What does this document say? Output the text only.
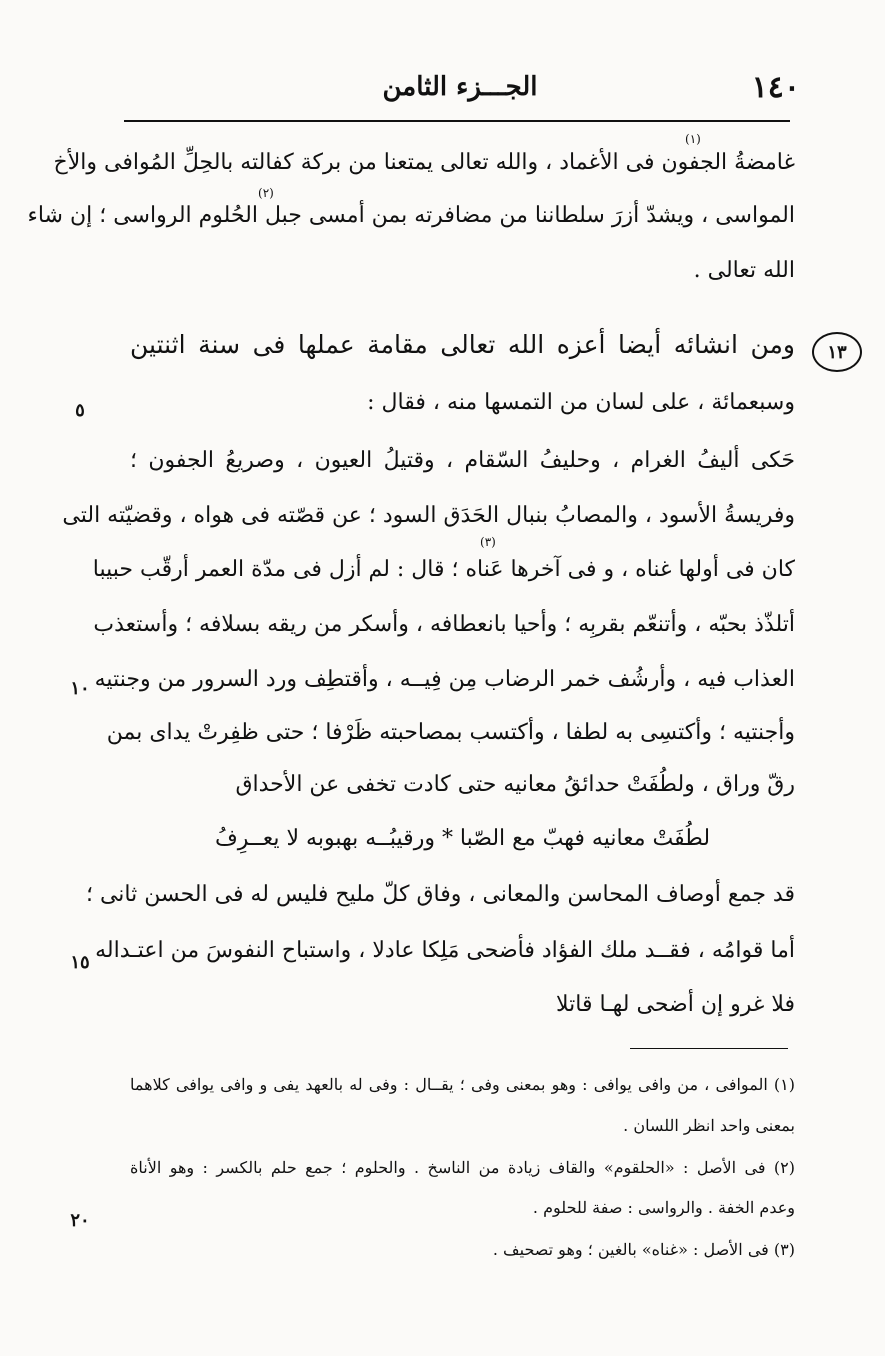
١٤٠
الجـــزء الثامن
(١)
(٢)
(٣)
غامضةُ الجفون فى الأغماد ، والله تعالى يمتعنا من بركة كفالته بالحِلِّ المُوافى والأخ
المواسى ، ويشدّ أزرَ سلطاننا من مضافرته بمن أمسى جبل الحُلوم الرواسى ؛ إن شاء
الله تعالى .
١٣
ومن انشائه أيضا أعزه الله تعالى مقامة عملها فى سنة اثنتين
وسبعمائة ، على لسان من التمسها منه ، فقال :
حَكى أليفُ الغرام ، وحليفُ السّقام ، وقتيلُ العيون ، وصريعُ الجفون ؛
وفريسةُ الأسود ، والمصابُ بنبال الحَدَق السود ؛ عن قصّته فى هواه ، وقضيّته التى
كان فى أولها غناه ، و فى آخرها عَناه ؛ قال : لم أزل فى مدّة العمر أرقّب حبيبا
أتلذّذ بحبّه ، وأتنعّم بقربِه ؛ وأحيا بانعطافه ، وأسكر من ريقه بسلافه ؛ وأستعذب
العذاب فيه ، وأرشُف خمر الرضاب مِن فِيــه ، وأقتطِف ورد السرور من وجنتيه
وأجنتيه ؛ وأكتسِى به لطفا ، وأكتسب بمصاحبته ظَرْفا ؛ حتى ظفِرتْ يداى بمن
رقّ وراق ، ولطُفَتْ حدائقُ معانيه حتى كادت تخفى عن الأحداق
لطُفَتْ معانيه فهبّ مع الصّبا * ورقيبُــه بهبوبه لا يعــرِفُ
قد جمع أوصاف المحاسن والمعانى ، وفاق كلّ مليح فليس له فى الحسن ثانى ؛
أما قوامُه ، فقــد ملك الفؤاد فأضحى مَلِكا عادلا ، واستباح النفوسَ من اعتـداله
فلا غرو إن أضحى لهـا قاتلا
٥
١٠
١٥
٢٠
(١) الموافى ، من وافى يوافى : وهو بمعنى وفى ؛ يقــال : وفى له بالعهد يفى و وافى يوافى كلاهما
بمعنى واحد انظر اللسان .
(٢) فى الأصل : «الحلقوم» والقاف زيادة من الناسخ . والحلوم ؛ جمع حلم بالكسر : وهو الأناة
وعدم الخفة . والرواسى : صفة للحلوم .
(٣) فى الأصل : «غناه» بالغين ؛ وهو تصحيف .
